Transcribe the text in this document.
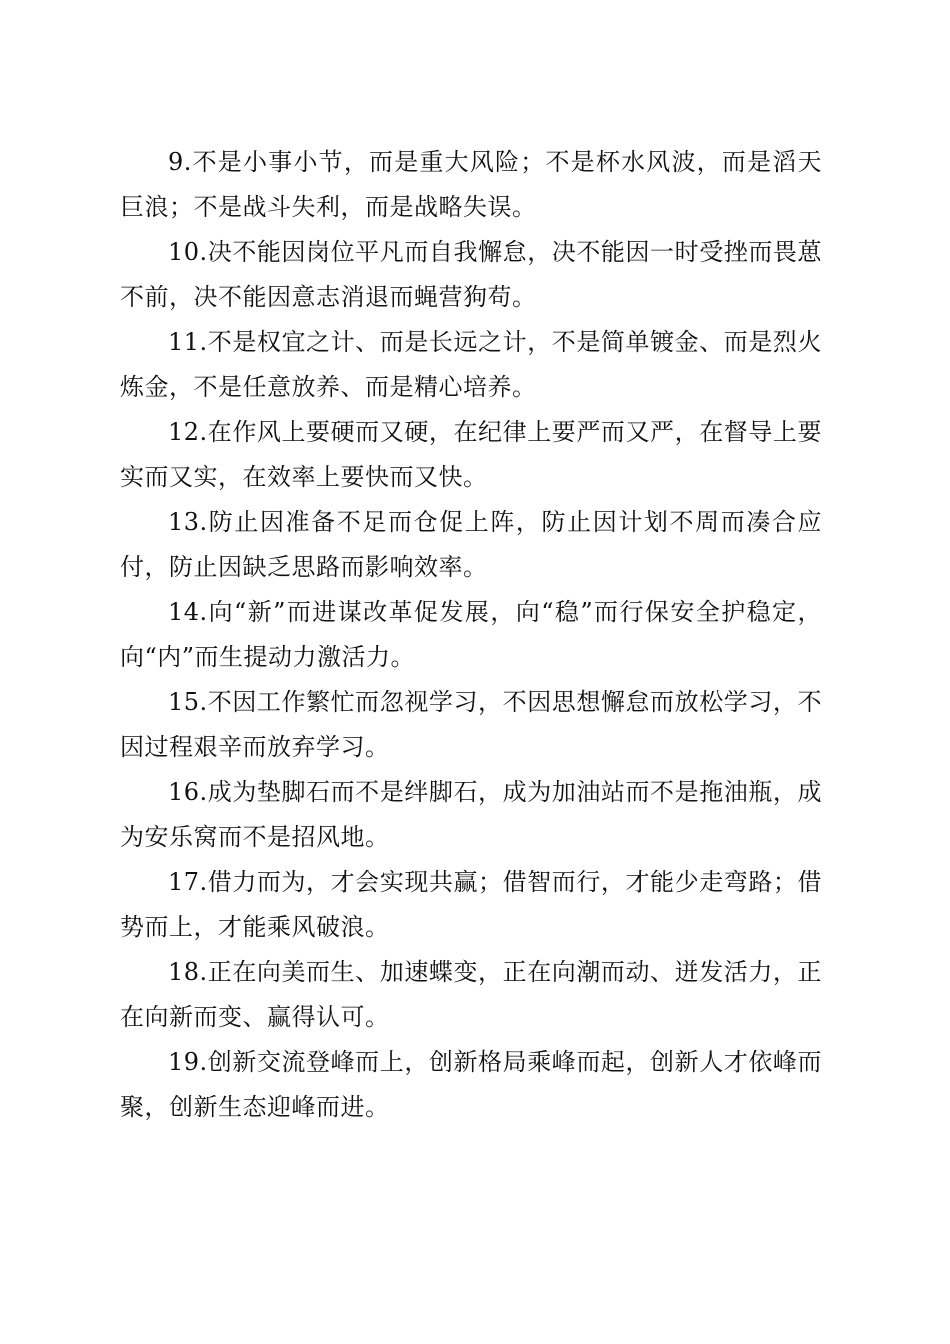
9.不是小事小节，而是重大风险；不是杯水风波，而是滔天巨浪；不是战斗失利，而是战略失误。

10.决不能因岗位平凡而自我懈怠，决不能因一时受挫而畏葸不前，决不能因意志消退而蝇营狗苟。

11.不是权宜之计、而是长远之计，不是简单镀金、而是烈火炼金，不是任意放养、而是精心培养。

12.在作风上要硬而又硬，在纪律上要严而又严，在督导上要实而又实，在效率上要快而又快。

13.防止因准备不足而仓促上阵，防止因计划不周而凑合应付，防止因缺乏思路而影响效率。

14.向“新”而进谋改革促发展，向“稳”而行保安全护稳定，向“内”而生提动力激活力。

15.不因工作繁忙而忽视学习，不因思想懈怠而放松学习，不因过程艰辛而放弃学习。

16.成为垫脚石而不是绊脚石，成为加油站而不是拖油瓶，成为安乐窝而不是招风地。

17.借力而为，才会实现共赢；借智而行，才能少走弯路；借势而上，才能乘风破浪。

18.正在向美而生、加速蝶变，正在向潮而动、迸发活力，正在向新而变、赢得认可。

19.创新交流登峰而上，创新格局乘峰而起，创新人才依峰而聚，创新生态迎峰而进。
